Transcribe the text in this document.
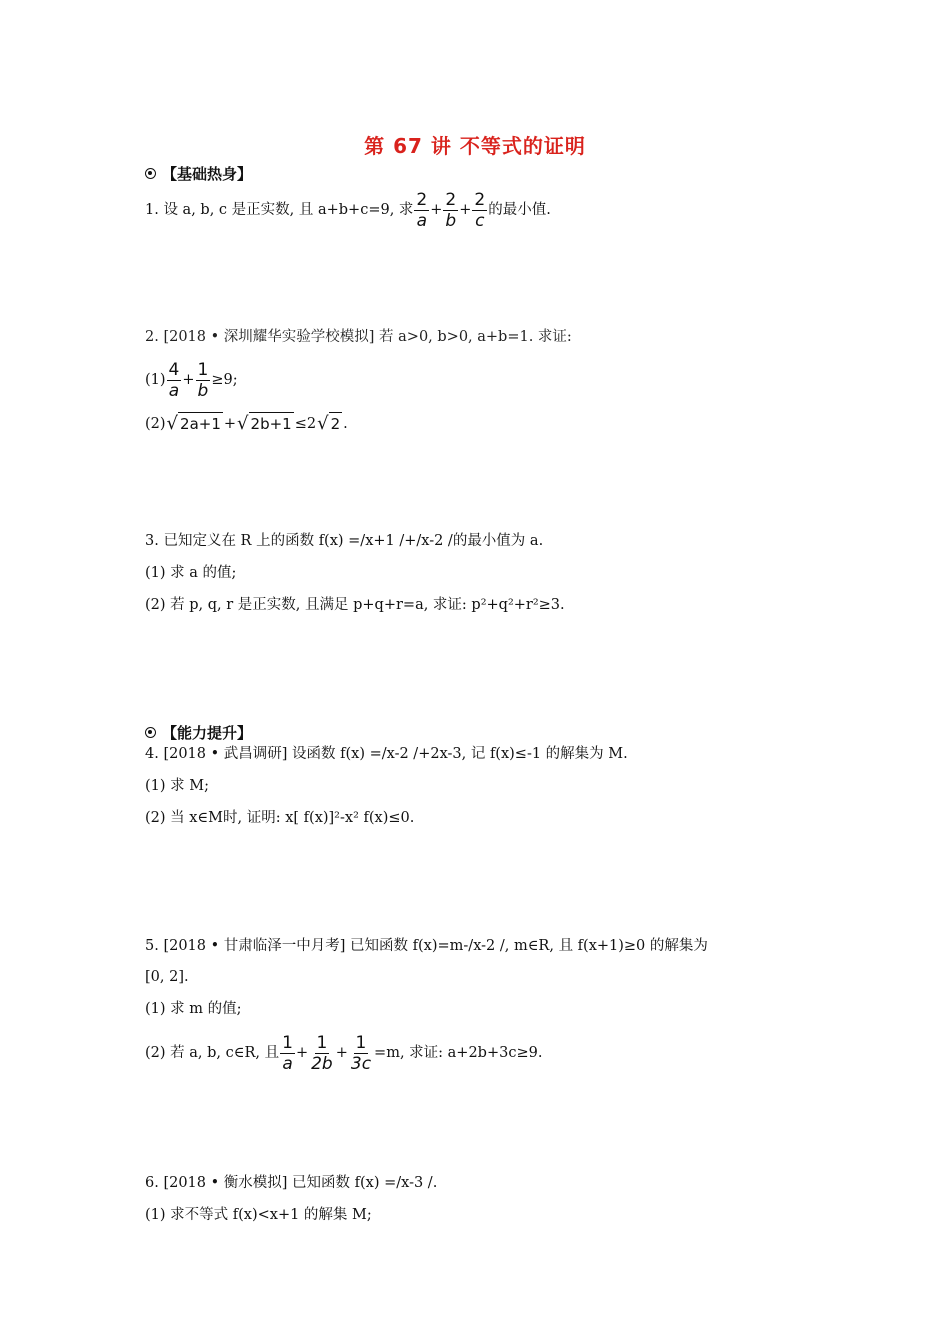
第 67 讲 不等式的证明
【基础热身】
1. 设 a, b, c 是正实数, 且 a+b+c=9, 求 $\frac{2}{a} + \frac{2}{b} + \frac{2}{c}$ 的最小值.
2. [2018 • 深圳耀华实验学校模拟] 若 a>0, b>0, a+b=1. 求证:
$(1) \frac{4}{a} + \frac{1}{b} \ge 9$;
(2) √ 2a+1 + √ 2b+1 ≤2 √ 2 .
3. 已知定义在 R 上的函数 f(x) =/x+1 /+/x-2 /的最小值为 a.
(1) 求 a 的值;
(2) 若 p, q, r 是正实数, 且满足 p+q+r=a, 求证: p²+q²+r²≥3.
【能力提升】
4. [2018 • 武昌调研] 设函数 f(x) =/x-2 /+2x-3, 记 f(x)≤-1 的解集为 M.
(1) 求 M;
(2) 当 x∈M时, 证明: x[ f(x)]²-x² f(x)≤0.
5. [2018 • 甘肃临泽一中月考] 已知函数 f(x)=m-/x-2 /, m∈R, 且 f(x+1)≥0 的解集为
[0, 2].
(1) 求 m 的值;
(2) 若 a, b, c∈R, 且 $\frac{1}{a} + \frac{1}{2b} + \frac{1}{3c} =m$, 求证: a+2b+3c≥9.
6. [2018 • 衡水模拟] 已知函数 f(x) =/x-3 /.
(1) 求不等式 f(x)<x+1 的解集 M;
